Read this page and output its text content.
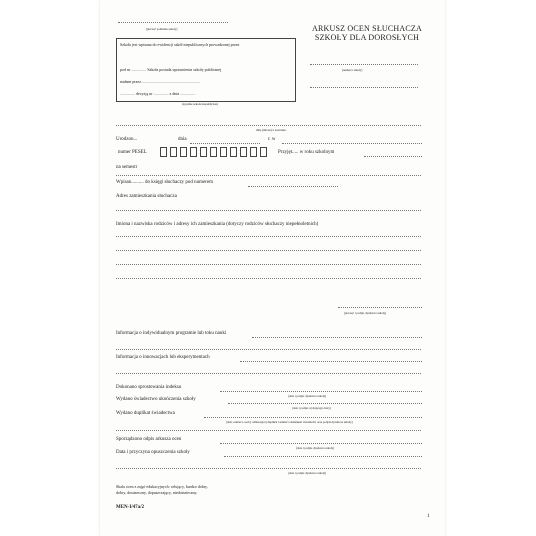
(pieczęć podłużna szkoły)	ARKUSZ OCEN SŁUCHACZA
SZKOŁY DLA DOROSŁYCH
Szkoła jest wpisana do ewidencji szkół niepublicznych prowadzonej przez
pod nr ............... Szkoła posiada uprawnienia szkoły publicznej
nadane przez ..........................................................
............... decyzją nr ............... z dnia ...............
(zgodnie szkoła niepubliczna)
(numer/a szkoły)
imię (imiona) i nazwisko
Urodzon...	dnia	r. w
numer PESEL	Przyjęt..... w roku szkolnym
na semestr
Wpisan.......... do księgi słuchaczy pod numerem
Adres zamieszkania słuchacza
Imiona i nazwiska rodziców i adresy ich zamieszkania (dotyczy rodziców słuchaczy niepełnoletnich)
(pieczęć i podpis dyrektora szkoły)
Informacja o indywidualnym programie lub toku nauki
Informacja o innowacjach lub eksperymentach
Dokonano sprostowania indeksu
(data i podpis dyrektora szkoły)
Wydano świadectwo ukończenia szkoły
(data i podpis wydającego bazy)
Wydano duplikat świadectwa
(data, numer/a osoby odbierającej duplikat i numer/a dokument tożsamości oraz podpis dyrektora szkoły)
Sporządzono odpis arkusza ocen
(data i podpis dyrektora szkoły)
Data i przyczyna opuszczenia szkoły
(data i podpis dyrektora szkoły)
Skala ocen z zajęć edukacyjnych: celujący, bardzo dobry,
dobry, dostateczny, dopuszczający, niedostateczny.
MEN-I/47a/2
1
